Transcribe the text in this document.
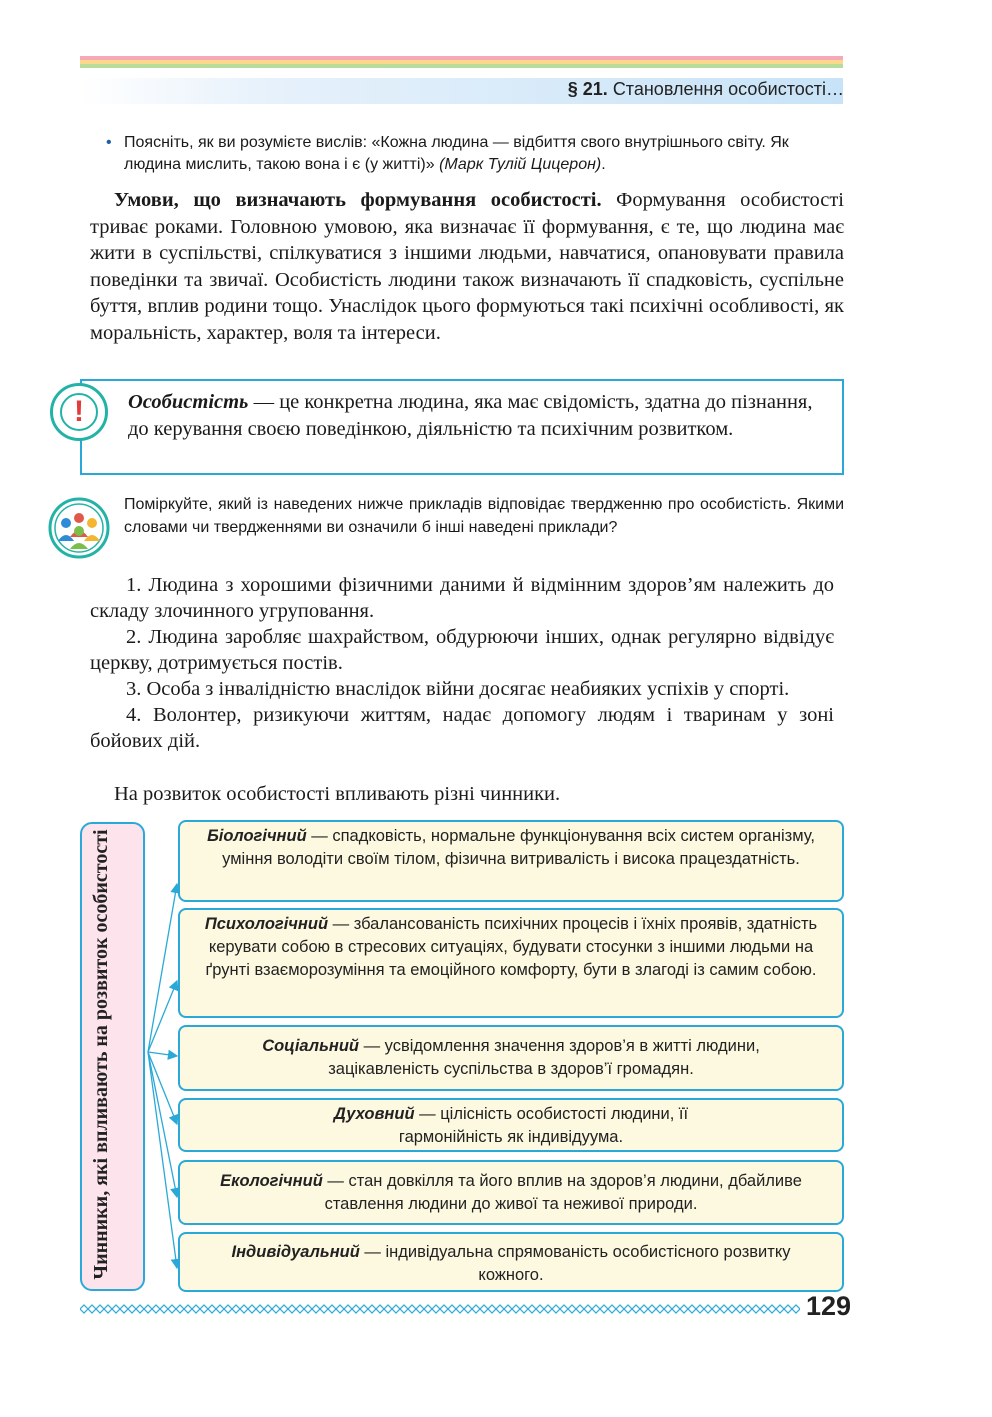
§ 21. Становлення особистості…
• Поясніть, як ви розумієте вислів: «Кожна людина — відбиття свого внутрішнього світу. Як людина мислить, такою вона і є (у житті)» (Марк Тулій Цицерон).
Умови, що визначають формування особистості. Формування особистості триває роками. Головною умовою, яка визначає її формування, є те, що людина має жити в суспільстві, спілкуватися з іншими людьми, навчатися, опановувати правила поведінки та звичаї. Особистість людини також визначають її спадковість, суспільне буття, вплив родини тощо. Унаслідок цього формуються такі психічні особливості, як моральність, характер, воля та інтереси.
Особистість — це конкретна людина, яка має свідомість, здатна до пізнання, до керування своєю поведінкою, діяльністю та психічним розвитком.
!
Поміркуйте, який із наведених нижче прикладів відповідає твердженню про особистість. Якими словами чи твердженнями ви означили б інші наведені приклади?

1. Людина з хорошими фізичними даними й відмінним здоров’ям належить до складу злочинного угруповання.

2. Людина заробляє шахрайством, обдурюючи інших, однак регулярно відвідує церкву, дотримується постів.

3. Особа з інвалідністю внаслідок війни досягає неабияких успіхів у спорті.

4. Волонтер, ризикуючи життям, надає допомогу людям і тваринам у зоні бойових дій.

На розвиток особистості впливають різні чинники.
Чинники, які впливають на розвиток особистості	Біологічний — спадковість, нормальне функціонування всіх систем організму, уміння володіти своїм тілом, фізична витривалість і висока працездатність.
Психологічний — збалансованість психічних процесів і їхніх проявів, здатність керувати собою в стресових ситуаціях, будувати стосунки з іншими людьми на ґрунті взаєморозуміння та емоційного комфорту, бути в злагоді із самим собою.
Соціальний — усвідомлення значення здоров’я в житті людини, зацікавленість суспільства в здоров’ї громадян.
Духовний — цілісність особистості людини, її гармонійність як індивідуума.
Екологічний — стан довкілля та його вплив на здоров’я людини, дбайливе ставлення людини до живої та неживої природи.
Індивідуальний — індивідуальна спрямованість особистісного розвитку кожного.
129
